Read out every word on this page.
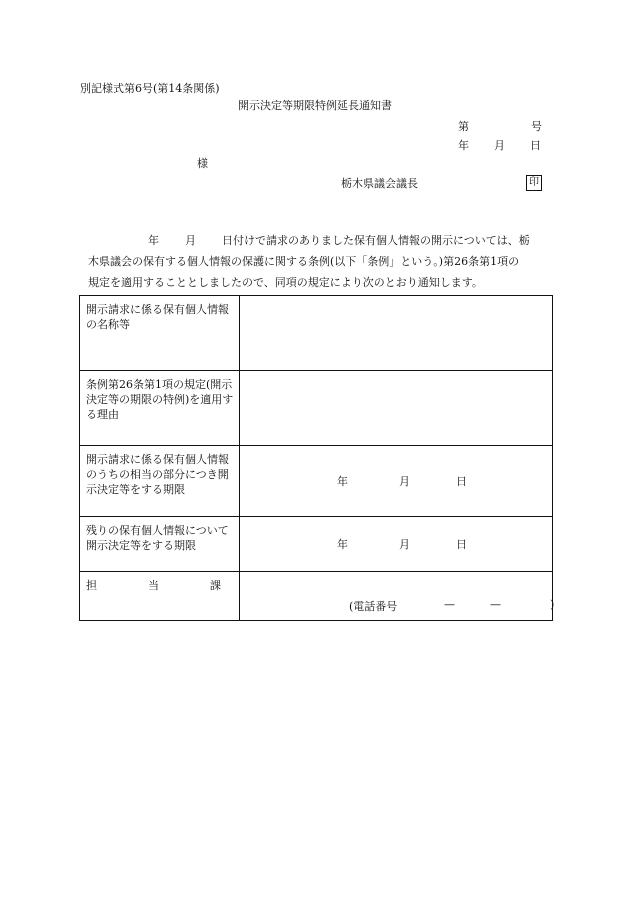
別記様式第6号(第14条関係)
開示決定等期限特例延長通知書
第	号
年 月 日
様
栃木県議会議長	印
年 月 日付けで請求のありました保有個人情報の開示については、栃
木県議会の保有する個人情報の保護に関する条例(以下「条例」という。)第26条第1項の
規定を適用することとしましたので、同項の規定により次のとおり通知します。
開示請求に係る保有個人情報の名称等	
条例第26条第1項の規定(開示決定等の期限の特例)を適用する理由	
開示請求に係る保有個人情報のうちの相当の部分につき開示決定等をする期限	年 月 日

残りの保有個人情報について開示決定等をする期限	年 月 日

担 当 課	(電話番号 — — )
